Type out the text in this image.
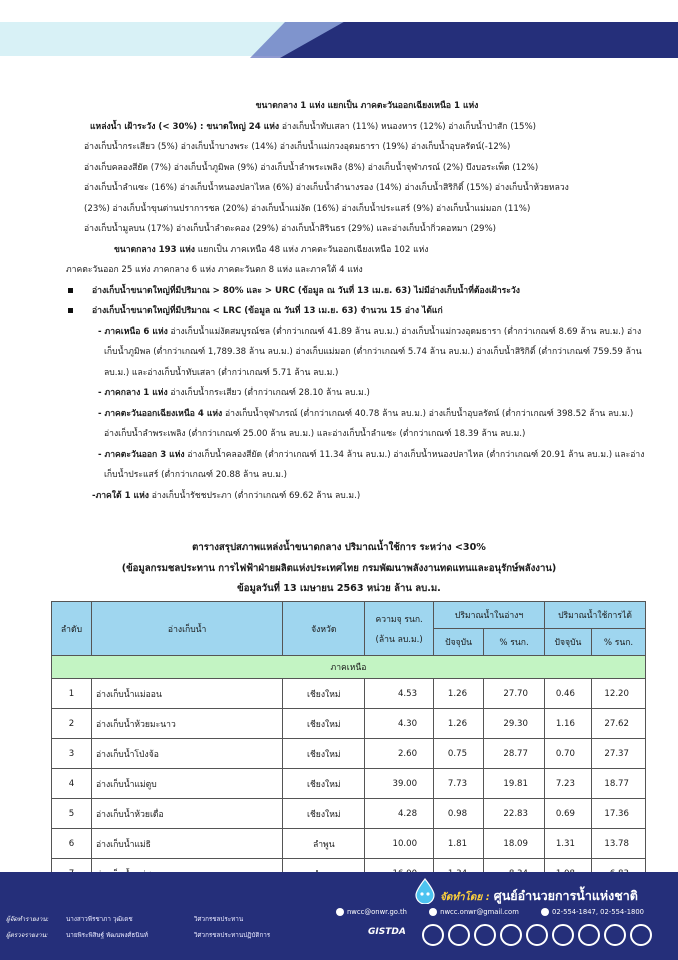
ขนาดกลาง 1 แห่ง แยกเป็น ภาคตะวันออกเฉียงเหนือ 1 แห่ง

แหล่งน้ำ เฝ้าระวัง (< 30%) : ขนาดใหญ่ 24 แห่ง อ่างเก็บน้ำทับเสลา (11%) หนองหาร (12%) อ่างเก็บน้ำป่าสัก (15%)

อ่างเก็บน้ำกระเสียว (5%) อ่างเก็บน้ำบางพระ (14%) อ่างเก็บน้ำแม่กวงอุดมธารา (19%) อ่างเก็บน้ำอุบลรัตน์(-12%)

อ่างเก็บคลองสียัด (7%) อ่างเก็บน้ำภูมิพล (9%) อ่างเก็บน้ำลำพระเพลิง (8%) อ่างเก็บน้ำจุฬาภรณ์ (2%) บึงบอระเพ็ด (12%)

อ่างเก็บน้ำลำแซะ (16%) อ่างเก็บน้ำหนองปลาไหล (6%) อ่างเก็บน้ำลำนางรอง (14%) อ่างเก็บน้ำสิริกิติ์ (15%) อ่างเก็บน้ำห้วยหลวง

(23%) อ่างเก็บน้ำขุนด่านปราการชล (20%) อ่างเก็บน้ำแม่งัด (16%) อ่างเก็บน้ำประแสร์ (9%) อ่างเก็บน้ำแม่มอก (11%)

อ่างเก็บน้ำมูลบน (17%) อ่างเก็บน้ำลำตะคอง (29%) อ่างเก็บน้ำสิรินธร (29%) และอ่างเก็บน้ำกิ่วคอหมา (29%)

ขนาดกลาง 193 แห่ง แยกเป็น ภาคเหนือ 48 แห่ง ภาคตะวันออกเฉียงเหนือ 102 แห่ง

ภาคตะวันออก 25 แห่ง ภาคกลาง 6 แห่ง ภาคตะวันตก 8 แห่ง และภาคใต้ 4 แห่ง

อ่างเก็บน้ำขนาดใหญ่ที่มีปริมาณ > 80% และ > URC (ข้อมูล ณ วันที่ 13 เม.ย. 63) ไม่มีอ่างเก็บน้ำที่ต้องเฝ้าระวัง

อ่างเก็บน้ำขนาดใหญ่ที่มีปริมาณ < LRC (ข้อมูล ณ วันที่ 13 เม.ย. 63) จำนวน 15 อ่าง ได้แก่

- ภาคเหนือ 6 แห่ง อ่างเก็บน้ำแม่งัดสมบูรณ์ชล (ต่ำกว่าเกณฑ์ 41.89 ล้าน ลบ.ม.) อ่างเก็บน้ำแม่กวงอุดมธารา (ต่ำกว่าเกณฑ์ 8.69 ล้าน ลบ.ม.) อ่างเก็บน้ำภูมิพล (ต่ำกว่าเกณฑ์ 1,789.38 ล้าน ลบ.ม.) อ่างเก็บแม่มอก (ต่ำกว่าเกณฑ์ 5.74 ล้าน ลบ.ม.) อ่างเก็บน้ำสิริกิติ์ (ต่ำกว่าเกณฑ์ 759.59 ล้าน ลบ.ม.) และอ่างเก็บน้ำทับเสลา (ต่ำกว่าเกณฑ์ 5.71 ล้าน ลบ.ม.)

- ภาคกลาง 1 แห่ง อ่างเก็บน้ำกระเสียว (ต่ำกว่าเกณฑ์ 28.10 ล้าน ลบ.ม.)

- ภาคตะวันออกเฉียงเหนือ 4 แห่ง อ่างเก็บน้ำจุฬาภรณ์ (ต่ำกว่าเกณฑ์ 40.78 ล้าน ลบ.ม.) อ่างเก็บน้ำอุบลรัตน์ (ต่ำกว่าเกณฑ์ 398.52 ล้าน ลบ.ม.) อ่างเก็บน้ำลำพระเพลิง (ต่ำกว่าเกณฑ์ 25.00 ล้าน ลบ.ม.) และอ่างเก็บน้ำลำแซะ (ต่ำกว่าเกณฑ์ 18.39 ล้าน ลบ.ม.)

- ภาคตะวันออก 3 แห่ง อ่างเก็บน้ำคลองสียัด (ต่ำกว่าเกณฑ์ 11.34 ล้าน ลบ.ม.) อ่างเก็บน้ำหนองปลาไหล (ต่ำกว่าเกณฑ์ 20.91 ล้าน ลบ.ม.) และอ่างเก็บน้ำประแสร์ (ต่ำกว่าเกณฑ์ 20.88 ล้าน ลบ.ม.)

-ภาคใต้ 1 แห่ง อ่างเก็บน้ำรัชชประภา (ต่ำกว่าเกณฑ์ 69.62 ล้าน ลบ.ม.)

ตารางสรุปสภาพแหล่งน้ำขนาดกลาง ปริมาณน้ำใช้การ ระหว่าง <30%
(ข้อมูลกรมชลประทาน การไฟฟ้าฝ่ายผลิตแห่งประเทศไทย กรมพัฒนาพลังงานทดแทนและอนุรักษ์พลังงาน)
ข้อมูลวันที่ 13 เมษายน 2563 หน่วย ล้าน ลบ.ม.
ลำดับ	อ่างเก็บน้ำ	จังหวัด	ความจุ รนก.
(ล้าน ลบ.ม.)	ปริมาณน้ำในอ่างฯ		ปริมาณน้ำใช้การได้	
				ปัจจุบัน	% รนก.	ปัจจุบัน	% รนก.
ภาคเหนือ							
1	อ่างเก็บน้ำแม่ออน	เชียงใหม่	4.53	1.26	27.70	0.46	12.20
2	อ่างเก็บน้ำห้วยมะนาว	เชียงใหม่	4.30	1.26	29.30	1.16	27.62
3	อ่างเก็บน้ำโป่งจ้อ	เชียงใหม่	2.60	0.75	28.77	0.70	27.37
4	อ่างเก็บน้ำแม่ตูบ	เชียงใหม่	39.00	7.73	19.81	7.23	18.77
5	อ่างเก็บน้ำห้วยเดื่อ	เชียงใหม่	4.28	0.98	22.83	0.69	17.36
6	อ่างเก็บน้ำแม่ธิ	ลำพูน	10.00	1.81	18.09	1.31	13.78

ผู้จัดทำรายงาน:	นางสาวพีรชาภา วุฒิเดช	วิศวกรชลประทาน
ผู้ตรวจรายงาน:	นายพิระพิสิษฐ์ พัฒนพงศ์ธนินท์	วิศวกรชลประทานปฏิบัติการ
จัดทำโดย : ศูนย์อำนวยการน้ำแห่งชาติ
nwcc@onwr.go.th	nwcc.onwr@gmail.com	02-554-1847, 02-554-1800
GISTDA
